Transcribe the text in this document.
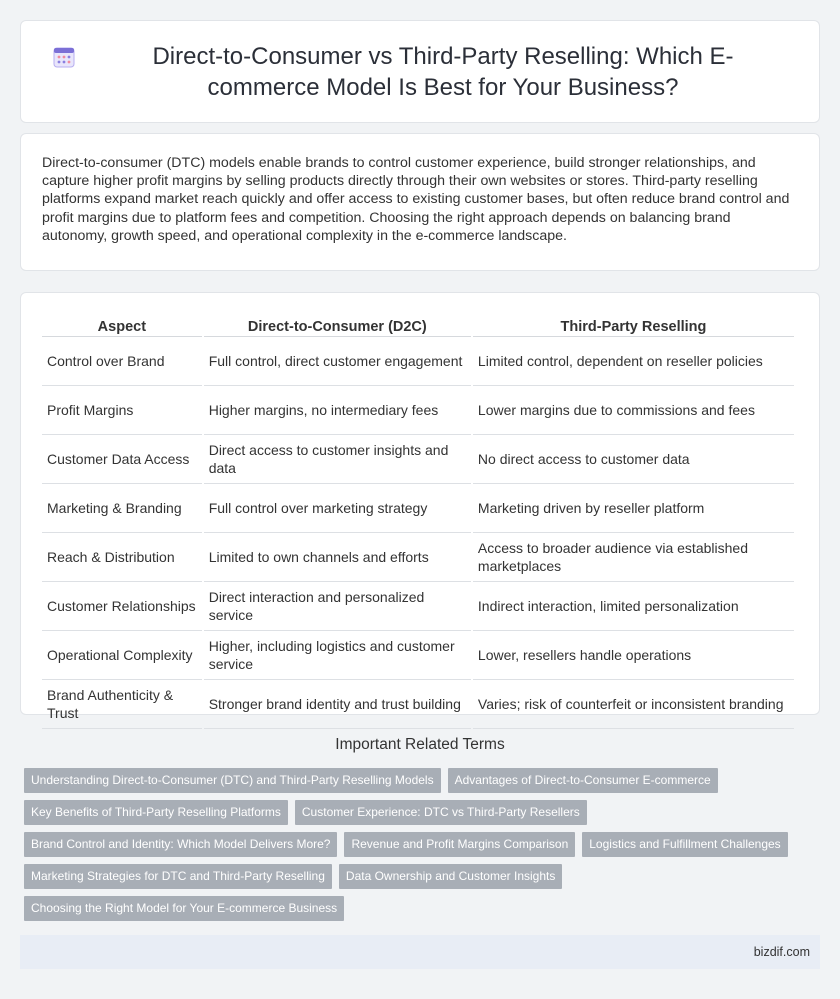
Direct-to-Consumer vs Third-Party Reselling: Which E-commerce Model Is Best for Your Business?

Direct-to-consumer (DTC) models enable brands to control customer experience, build stronger relationships, and capture higher profit margins by selling products directly through their own websites or stores. Third-party reselling platforms expand market reach quickly and offer access to existing customer bases, but often reduce brand control and profit margins due to platform fees and competition. Choosing the right approach depends on balancing brand autonomy, growth speed, and operational complexity in the e-commerce landscape.

Aspect	Direct-to-Consumer (D2C)	Third-Party Reselling
Control over Brand	Full control, direct customer engagement	Limited control, dependent on reseller policies
Profit Margins	Higher margins, no intermediary fees	Lower margins due to commissions and fees
Customer Data Access	Direct access to customer insights and data	No direct access to customer data
Marketing & Branding	Full control over marketing strategy	Marketing driven by reseller platform
Reach & Distribution	Limited to own channels and efforts	Access to broader audience via established marketplaces
Customer Relationships	Direct interaction and personalized service	Indirect interaction, limited personalization
Operational Complexity	Higher, including logistics and customer service	Lower, resellers handle operations
Brand Authenticity & Trust	Stronger brand identity and trust building	Varies; risk of counterfeit or inconsistent branding
Important Related Terms
Understanding Direct-to-Consumer (DTC) and Third-Party Reselling Models	Advantages of Direct-to-Consumer E-commerce
Key Benefits of Third-Party Reselling Platforms	Customer Experience: DTC vs Third-Party Resellers
Brand Control and Identity: Which Model Delivers More?	Revenue and Profit Margins Comparison	Logistics and Fulfillment Challenges
Marketing Strategies for DTC and Third-Party Reselling	Data Ownership and Customer Insights
Choosing the Right Model for Your E-commerce Business
bizdif.com
